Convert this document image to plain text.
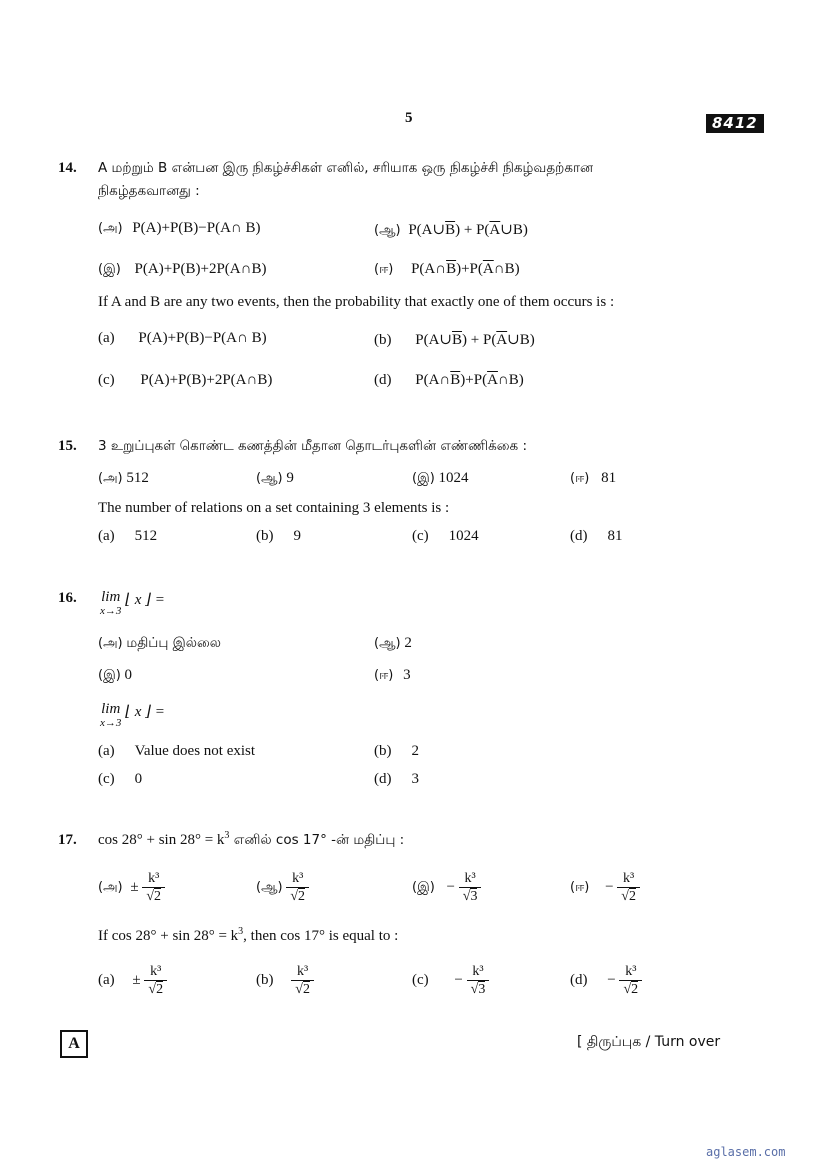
5	8412
14. A மற்றும் B என்பன இரு நிகழ்ச்சிகள் எனில், சரியாக ஒரு நிகழ்ச்சி நிகழ்வதற்கான
நிகழ்தகவானது :
(அ) P(A)+P(B)−P(A∩ B)	(ஆ) $P(A\cup\overline{B})$ + $P(\overline{A}\cup B)$
(இ) P(A)+P(B)+2P(A∩B)	(ஈ) $P(A\cap\overline{B})+P(\overline{A}\cap B)$
If A and B are any two events, then the probability that exactly one of them occurs is :
(a) P(A)+P(B)−P(A∩ B)	(b) $P(A\cup\overline{B})$ + $P(\overline{A}\cup B)$
(c) P(A)+P(B)+2P(A∩B)	(d) $P(A\cap\overline{B})+P(\overline{A}\cap B)$
15. 3 உறுப்புகள் கொண்ட கணத்தின் மீதான தொடர்புகளின் எண்ணிக்கை :
(அ) 512	(ஆ) 9	(இ) 1024	(ஈ) 81
The number of relations on a set containing 3 elements is :
(a) 512	(b) 9	(c) 1024	(d) 81
16. lim
x→3
⌊ x ⌋ =
(அ) மதிப்பு இல்லை	(ஆ) 2
(இ) 0	(ஈ) 3
lim
x→3
⌊ x ⌋ =
(a) Value does not exist	(b) 2
(c) 0	(d) 3
17. $\cos 28^\circ + \sin 28^\circ = k^3$ எனில் cos 17° -ன் மதிப்பு :
(அ) ± $\frac{\text{k³}}{√2}$	(ஆ) $\frac{\text{k³}}{√2}$	(இ) − $\frac{\text{k³}}{√3}$	(ஈ) − $\frac{\text{k³}}{√2}$
If $\cos 28^\circ + \sin 28^\circ = k^3$, then cos 17° is equal to :
$(a) \pm \frac{\text{k³}}{√2}$	$(b) \frac{\text{k³}}{√2}$	$(c) - \frac{\text{k³}}{√3}$	$(d) - \frac{\text{k³}}{√2}$
A	[ திருப்புக / Turn over
aglasem.com
